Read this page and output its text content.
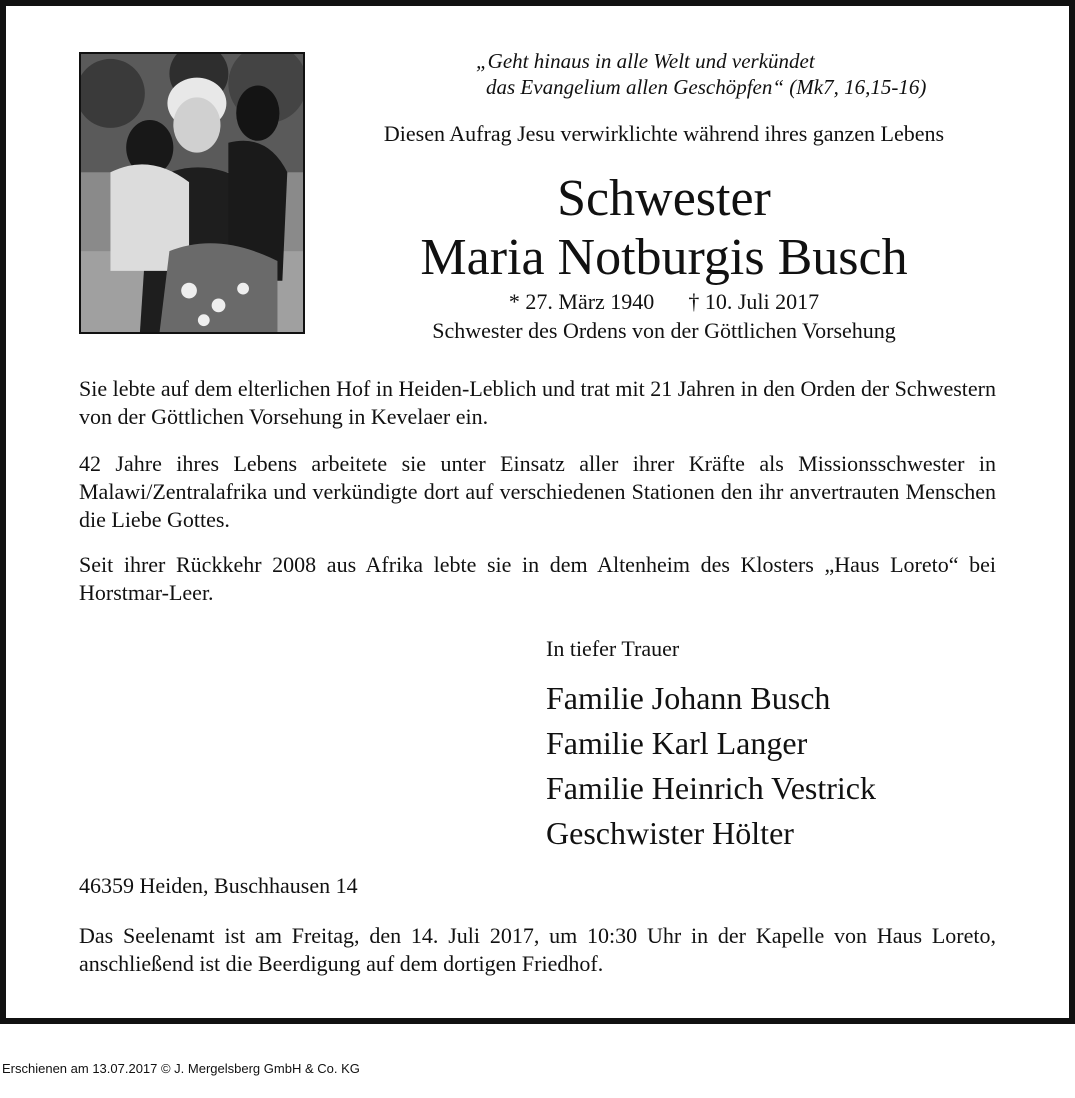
„Geht hinaus in alle Welt und verkündet
das Evangelium allen Geschöpfen“ (Mk7, 16,15-16)
Diesen Aufrag Jesu verwirklichte während ihres ganzen Lebens
Schwester
Maria Notburgis Busch
* 27. März 1940 † 10. Juli 2017
Schwester des Ordens von der Göttlichen Vorsehung
Sie lebte auf dem elterlichen Hof in Heiden-Leblich und trat mit 21 Jahren in den Orden der Schwestern von der Göttlichen Vorsehung in Kevelaer ein.
42 Jahre ihres Lebens arbeitete sie unter Einsatz aller ihrer Kräfte als Missionsschwester in Malawi/Zentralafrika und verkündigte dort auf verschiedenen Stationen den ihr anvertrauten Menschen die Liebe Gottes.
Seit ihrer Rückkehr 2008 aus Afrika lebte sie in dem Altenheim des Klosters „Haus Loreto“ bei Horstmar-Leer.
In tiefer Trauer
Familie Johann Busch
Familie Karl Langer
Familie Heinrich Vestrick
Geschwister Hölter
46359 Heiden, Buschhausen 14
Das Seelenamt ist am Freitag, den 14. Juli 2017, um 10:30 Uhr in der Kapelle von Haus Loreto, anschließend ist die Beerdigung auf dem dortigen Friedhof.
Erschienen am 13.07.2017 © J. Mergelsberg GmbH & Co. KG
